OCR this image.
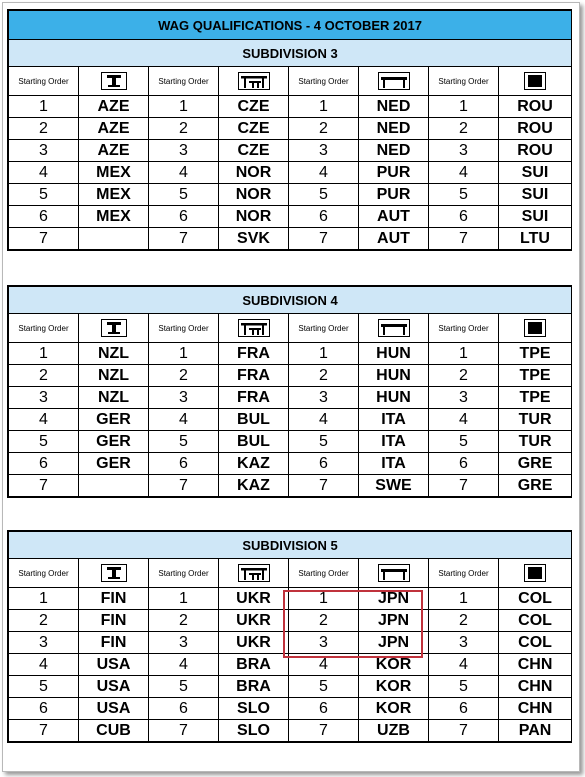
WAG QUALIFICATIONS - 4 OCTOBER 2017							
SUBDIVISION 3							
Starting Order		Starting Order		Starting Order		Starting Order	
1	AZE	1	CZE	1	NED	1	ROU
2	AZE	2	CZE	2	NED	2	ROU
3	AZE	3	CZE	3	NED	3	ROU
4	MEX	4	NOR	4	PUR	4	SUI
5	MEX	5	NOR	5	PUR	5	SUI
6	MEX	6	NOR	6	AUT	6	SUI
7		7	SVK	7	AUT	7	LTU
SUBDIVISION 4							
Starting Order		Starting Order		Starting Order		Starting Order	
1	NZL	1	FRA	1	HUN	1	TPE
2	NZL	2	FRA	2	HUN	2	TPE
3	NZL	3	FRA	3	HUN	3	TPE
4	GER	4	BUL	4	ITA	4	TUR
5	GER	5	BUL	5	ITA	5	TUR
6	GER	6	KAZ	6	ITA	6	GRE
7		7	KAZ	7	SWE	7	GRE
SUBDIVISION 5							
Starting Order		Starting Order		Starting Order		Starting Order	
1	FIN	1	UKR	1	JPN	1	COL
2	FIN	2	UKR	2	JPN	2	COL
3	FIN	3	UKR	3	JPN	3	COL
4	USA	4	BRA	4	KOR	4	CHN
5	USA	5	BRA	5	KOR	5	CHN
6	USA	6	SLO	6	KOR	6	CHN
7	CUB	7	SLO	7	UZB	7	PAN
